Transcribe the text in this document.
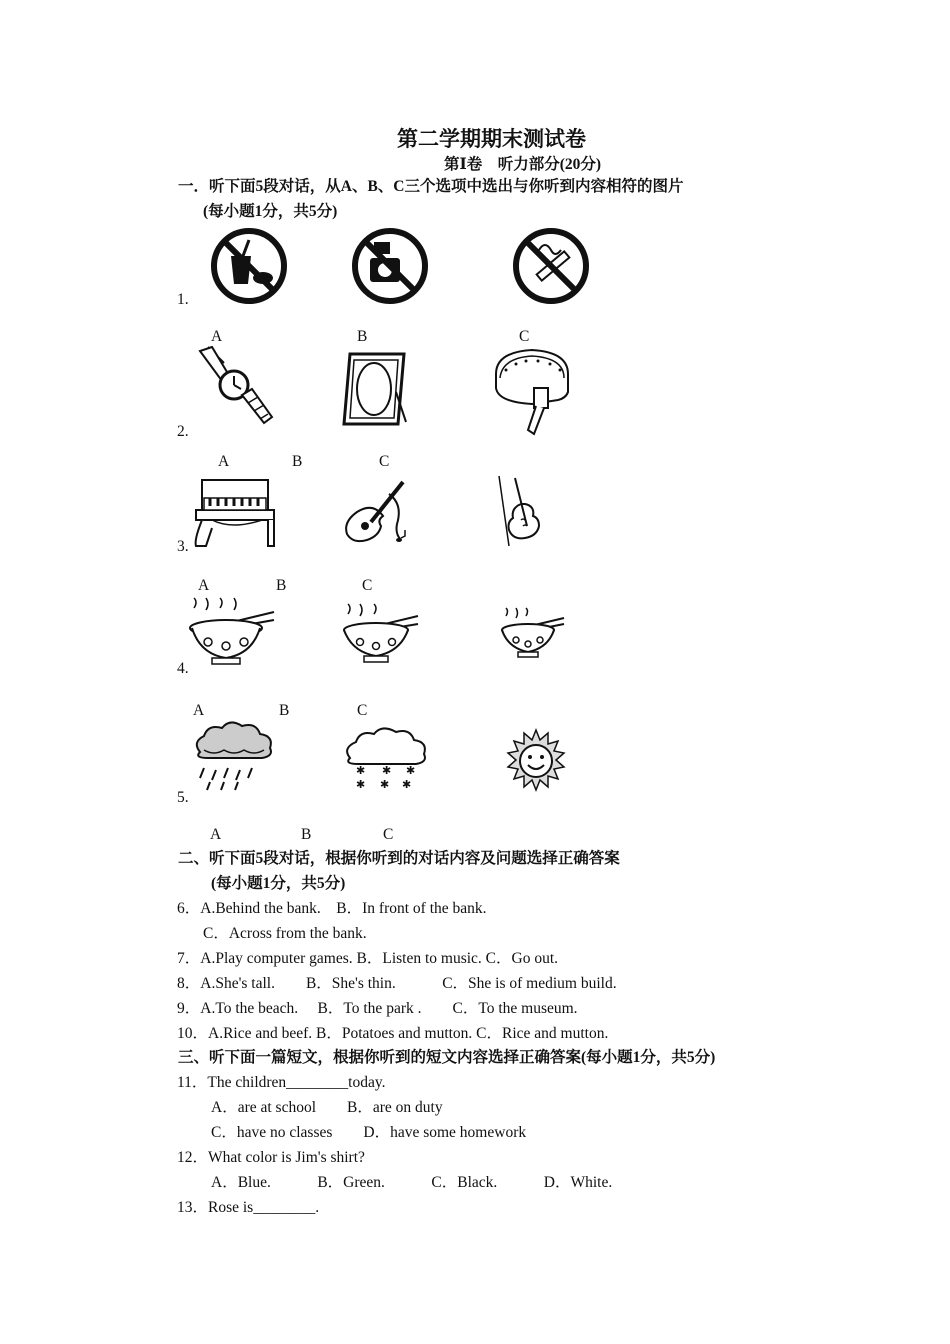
第二学期期末测试卷
第Ⅰ卷　听力部分(20分)
一．听下面5段对话，从A、B、C三个选项中选出与你听到内容相符的图片
(每小题1分，共5分)
1.
A	B	C
2.
A	B	C
3.
A	B	C
4.
A	B	C
5.
✱ ✱ ✱
✱ ✱ ✱
A	B	C
二、听下面5段对话，根据你听到的对话内容及问题选择正确答案
(每小题1分，共5分)
6．A.Behind the bank.　B．In front of the bank.
C．Across from the bank.
7．A.Play computer games. B．Listen to music. C．Go out.
8．A.She's tall.　　B．She's thin.　　　C．She is of medium build.
9．A.To the beach.　 B．To the park .　　C．To the museum.
10．A.Rice and beef. B．Potatoes and mutton. C．Rice and mutton.
三、听下面一篇短文，根据你听到的短文内容选择正确答案(每小题1分，共5分)
11．The children________today.
A．are at school　　B．are on duty
C．have no classes　　D．have some homework
12．What color is Jim's shirt?
A．Blue.　　　B．Green.　　　C．Black.　　　D．White.
13．Rose is________.
